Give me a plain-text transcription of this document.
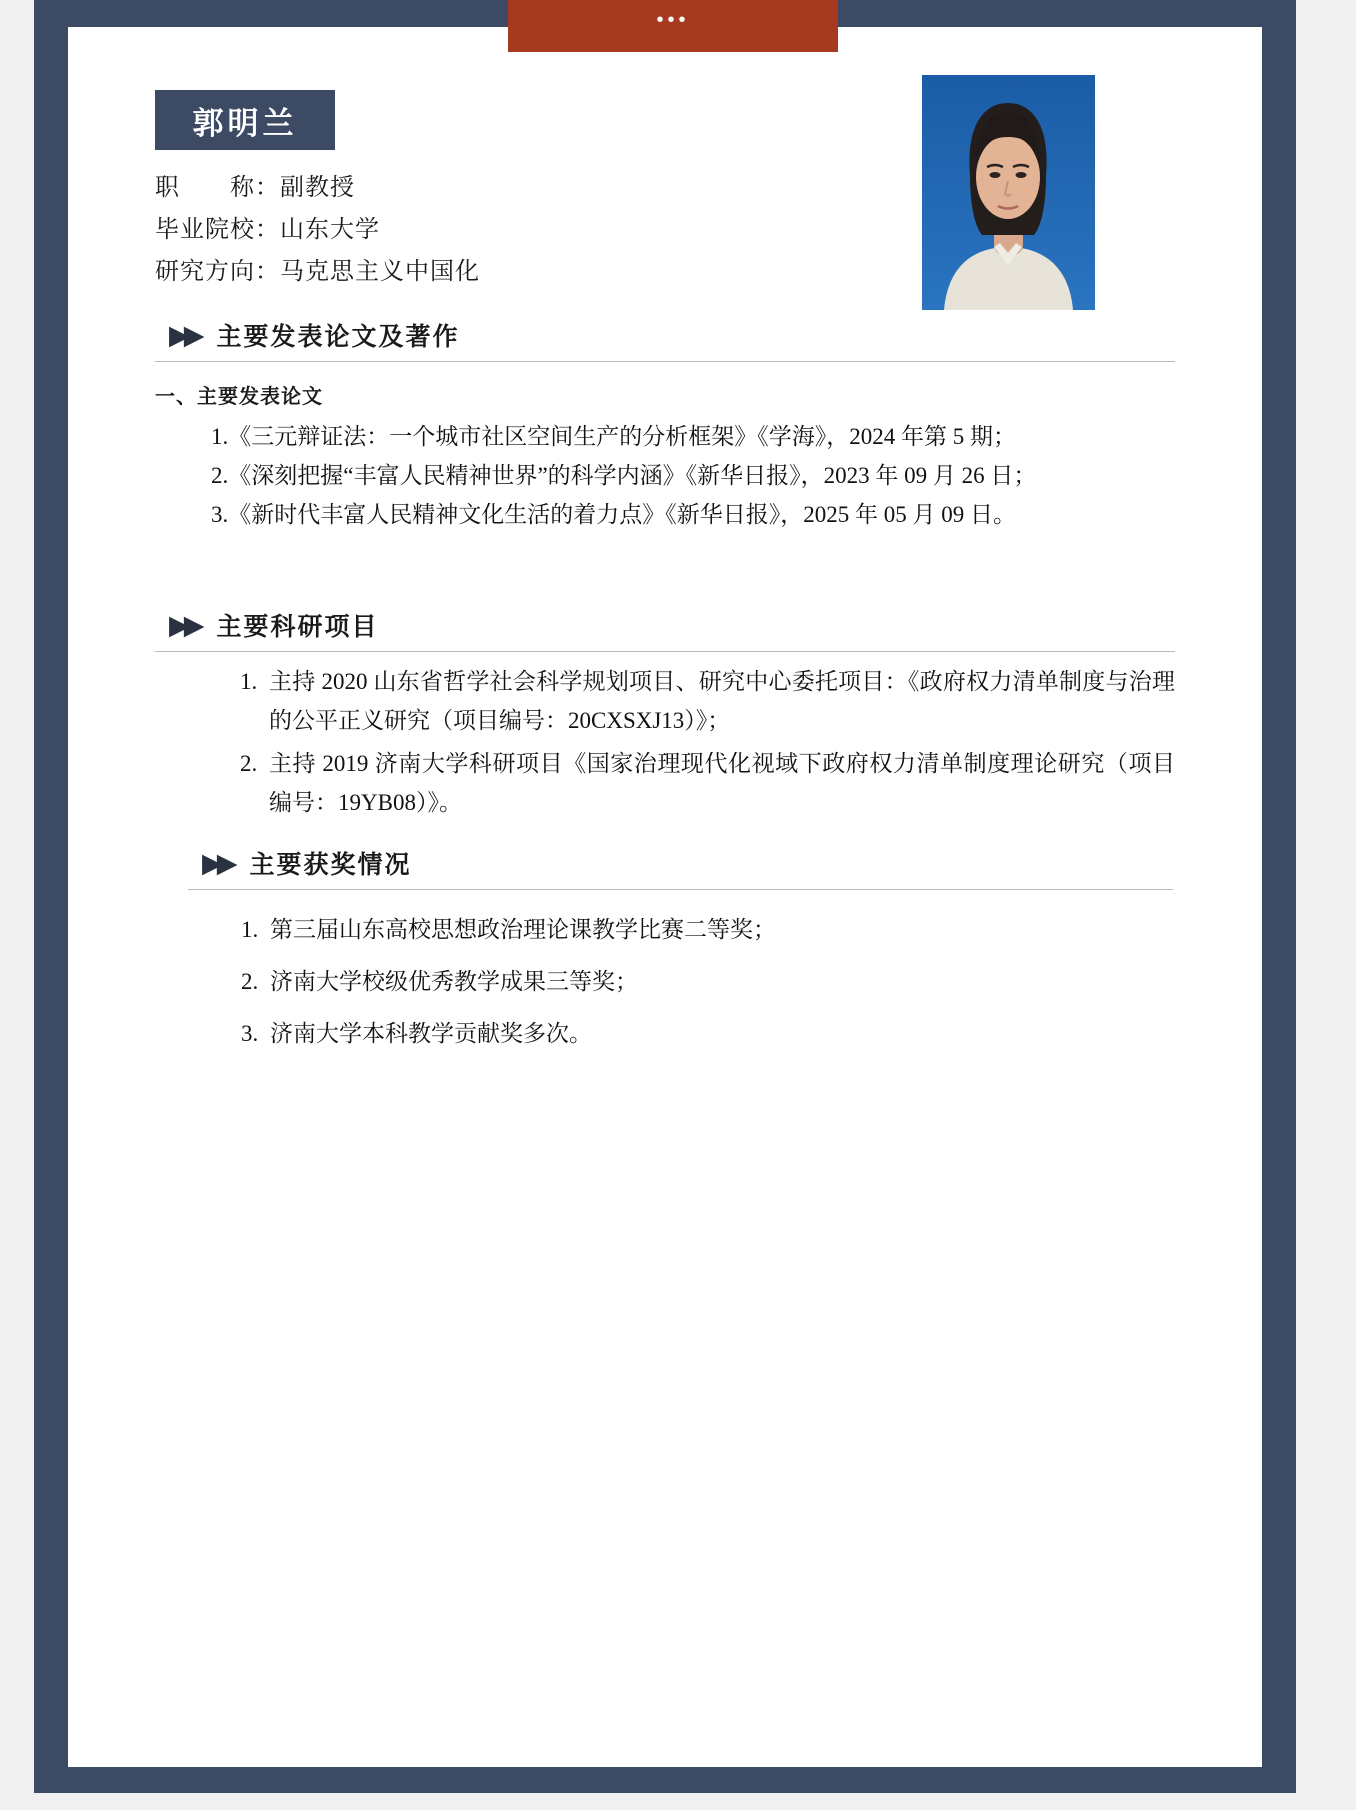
郭明兰
职　　称：副教授
毕业院校：山东大学
研究方向：马克思主义中国化
▶▶ 主要发表论文及著作
一、主要发表论文
1.《三元辩证法：一个城市社区空间生产的分析框架》《学海》，2024 年第 5 期；
2.《深刻把握“丰富人民精神世界”的科学内涵》《新华日报》，2023 年 09 月 26 日；
3.《新时代丰富人民精神文化生活的着力点》《新华日报》，2025 年 05 月 09 日。
▶▶ 主要科研项目
1. 主持 2020 山东省哲学社会科学规划项目、研究中心委托项目：《政府权力清单制度与治理的公平正义研究（项目编号：20CXSXJ13）》；
2. 主持 2019 济南大学科研项目《国家治理现代化视域下政府权力清单制度理论研究（项目编号：19YB08）》。
▶▶ 主要获奖情况
1. 第三届山东高校思想政治理论课教学比赛二等奖；
2. 济南大学校级优秀教学成果三等奖；
3. 济南大学本科教学贡献奖多次。
•••
